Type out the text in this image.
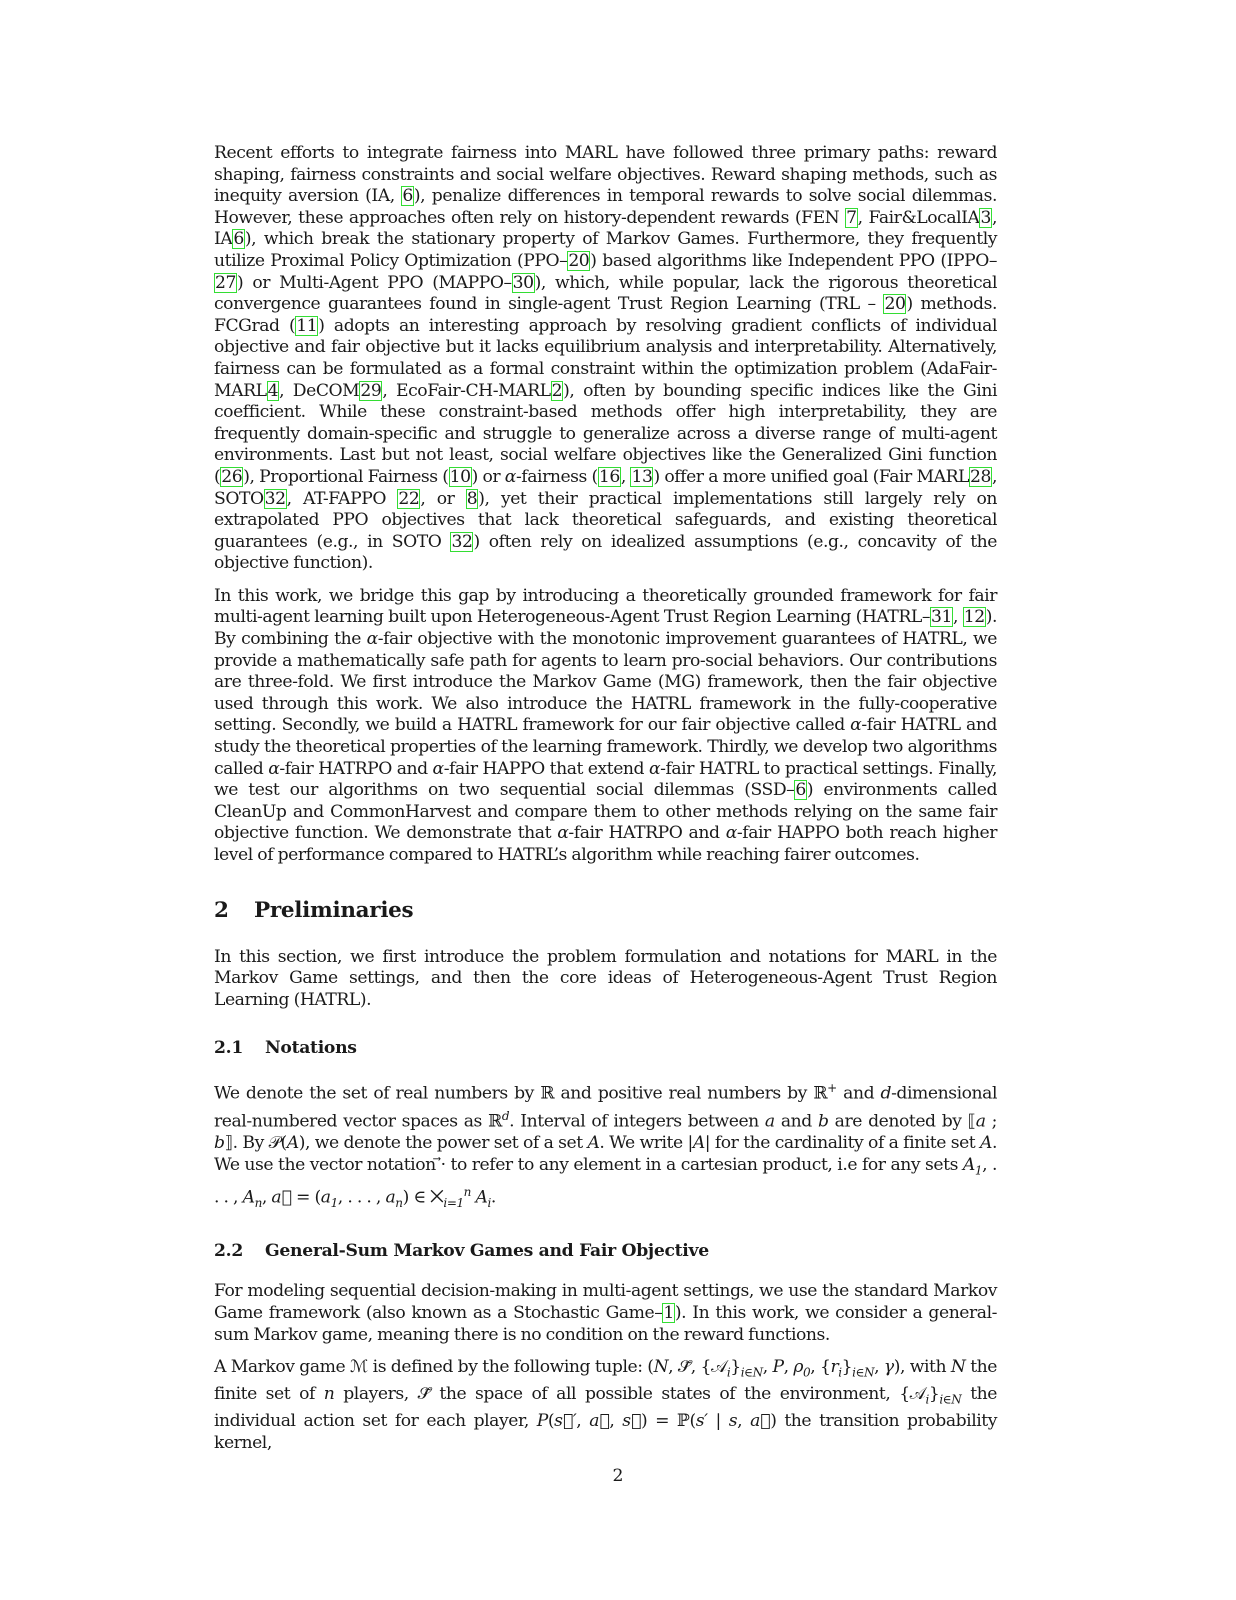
Recent efforts to integrate fairness into MARL have followed three primary paths: reward shaping, fairness constraints and social welfare objectives. Reward shaping methods, such as inequity aversion (IA, 6), penalize differences in temporal rewards to solve social dilemmas. However, these approaches often rely on history-dependent rewards (FEN 7, Fair&LocalIA3, IA6), which break the stationary property of Markov Games. Furthermore, they frequently utilize Proximal Policy Optimization (PPO–20) based algorithms like Independent PPO (IPPO–27) or Multi-Agent PPO (MAPPO–30), which, while popular, lack the rigorous theoretical convergence guarantees found in single-agent Trust Region Learning (TRL – 20) methods. FCGrad (11) adopts an interesting approach by resolving gradient conflicts of individual objective and fair objective but it lacks equilibrium analysis and interpretability. Alternatively, fairness can be formulated as a formal constraint within the optimization problem (AdaFair-MARL4, DeCOM29, EcoFair-CH-MARL2), often by bounding specific indices like the Gini coefficient. While these constraint-based methods offer high interpretability, they are frequently domain-specific and struggle to generalize across a diverse range of multi-agent environments. Last but not least, social welfare objectives like the Generalized Gini function (26), Proportional Fairness (10) or α-fairness (16, 13) offer a more unified goal (Fair MARL28, SOTO32, AT-FAPPO 22, or 8), yet their practical implementations still largely rely on extrapolated PPO objectives that lack theoretical safeguards, and existing theoretical guarantees (e.g., in SOTO 32) often rely on idealized assumptions (e.g., concavity of the objective function).

In this work, we bridge this gap by introducing a theoretically grounded framework for fair multi-agent learning built upon Heterogeneous-Agent Trust Region Learning (HATRL–31, 12). By combining the α-fair objective with the monotonic improvement guarantees of HATRL, we provide a mathematically safe path for agents to learn pro-social behaviors. Our contributions are three-fold. We first introduce the Markov Game (MG) framework, then the fair objective used through this work. We also introduce the HATRL framework in the fully-cooperative setting. Secondly, we build a HATRL framework for our fair objective called α-fair HATRL and study the theoretical properties of the learning framework. Thirdly, we develop two algorithms called α-fair HATRPO and α-fair HAPPO that extend α-fair HATRL to practical settings. Finally, we test our algorithms on two sequential social dilemmas (SSD–6) environments called CleanUp and CommonHarvest and compare them to other methods relying on the same fair objective function. We demonstrate that α-fair HATRPO and α-fair HAPPO both reach higher level of performance compared to HATRL’s algorithm while reaching fairer outcomes.

2 Preliminaries

In this section, we first introduce the problem formulation and notations for MARL in the Markov Game settings, and then the core ideas of Heterogeneous-Agent Trust Region Learning (HATRL).

2.1 Notations

We denote the set of real numbers by ℝ and positive real numbers by ℝ+ and d-dimensional real-numbered vector spaces as ℝ$^d$. Interval of integers between a and b are denoted by ⟦a ; b⟧. By 𝒫(A), we denote the power set of a set A. We write |A| for the cardinality of a finite set A. We use the vector notation ⃗· to refer to any element in a cartesian product, i.e for any sets $A_1$, . . . , $A_n$, a⃗ = ($a_1$, . . . , $a_n$) ∈ $⨉_{i=1}^n$ $A_i$.

2.2 General-Sum Markov Games and Fair Objective

For modeling sequential decision-making in multi-agent settings, we use the standard Markov Game framework (also known as a Stochastic Game–1). In this work, we consider a general-sum Markov game, meaning there is no condition on the reward functions.

A Markov game ℳ is defined by the following tuple: (N, 𝒮̃, $\{𝒜_i\}_{i\in N}$, P, $\rho_0$, $\{r_i\}_{i\in N}$, γ), with N the finite set of n players, 𝒮̃ the space of all possible states of the environment, $\{𝒜_i\}_{i\in N}$ the individual action set for each player, P(s⃗′, a⃗, s⃗) = ℙ(s′ | s, a⃗) the transition probability kernel,

2
